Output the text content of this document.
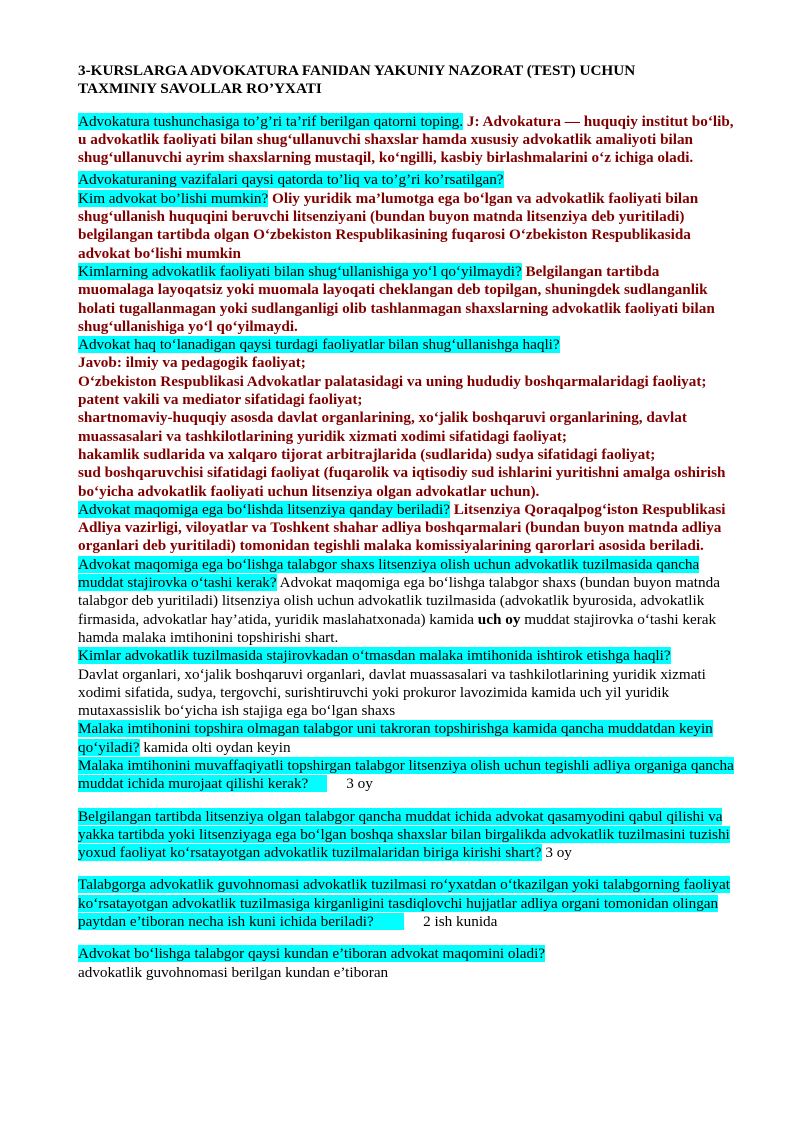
3-KURSLARGA ADVOKATURA FANIDAN YAKUNIY NAZORAT (TEST) UCHUN
TAXMINIY SAVOLLAR RO’YXATI

Advokatura tushunchasiga to’g’ri ta’rif berilgan qatorni toping. J: Advokatura — huquqiy institut bo‘lib, u advokatlik faoliyati bilan shug‘ullanuvchi shaxslar hamda xususiy advokatlik amaliyoti bilan shug‘ullanuvchi ayrim shaxslarning mustaqil, ko‘ngilli, kasbiy birlashmalarini o‘z ichiga oladi.

Advokaturaning vazifalari qaysi qatorda to’liq va to’g’ri ko’rsatilgan?

Kim advokat bo’lishi mumkin? Oliy yuridik ma’lumotga ega bo‘lgan va advokatlik faoliyati bilan shug‘ullanish huquqini beruvchi litsenziyani (bundan buyon matnda litsenziya deb yuritiladi) belgilangan tartibda olgan O‘zbekiston Respublikasining fuqarosi O‘zbekiston Respublikasida advokat bo‘lishi mumkin

Kimlarning advokatlik faoliyati bilan shug‘ullanishiga yo‘l qo‘yilmaydi? Belgilangan tartibda muomalaga layoqatsiz yoki muomala layoqati cheklangan deb topilgan, shuningdek sudlanganlik holati tugallanmagan yoki sudlanganligi olib tashlanmagan shaxslarning advokatlik faoliyati bilan shug‘ullanishiga yo‘l qo‘yilmaydi.

Advokat haq to‘lanadigan qaysi turdagi faoliyatlar bilan shug‘ullanishga haqli?

Javob: ilmiy va pedagogik faoliyat;

O‘zbekiston Respublikasi Advokatlar palatasidagi va uning hududiy boshqarmalaridagi faoliyat;

patent vakili va mediator sifatidagi faoliyat;

shartnomaviy-huquqiy asosda davlat organlarining, xo‘jalik boshqaruvi organlarining, davlat muassasalari va tashkilotlarining yuridik xizmati xodimi sifatidagi faoliyat;

hakamlik sudlarida va xalqaro tijorat arbitrajlarida (sudlarida) sudya sifatidagi faoliyat;

sud boshqaruvchisi sifatidagi faoliyat (fuqarolik va iqtisodiy sud ishlarini yuritishni amalga oshirish bo‘yicha advokatlik faoliyati uchun litsenziya olgan advokatlar uchun).

Advokat maqomiga ega bo‘lishda litsenziya qanday beriladi? Litsenziya Qoraqalpog‘iston Respublikasi Adliya vazirligi, viloyatlar va Toshkent shahar adliya boshqarmalari (bundan buyon matnda adliya organlari deb yuritiladi) tomonidan tegishli malaka komissiyalarining qarorlari asosida beriladi.

Advokat maqomiga ega bo‘lishga talabgor shaxs litsenziya olish uchun advokatlik tuzilmasida qancha muddat stajirovka o‘tashi kerak? Advokat maqomiga ega bo‘lishga talabgor shaxs (bundan buyon matnda talabgor deb yuritiladi) litsenziya olish uchun advokatlik tuzilmasida (advokatlik byurosida, advokatlik firmasida, advokatlar hay’atida, yuridik maslahatxonada) kamida uch oy muddat stajirovka o‘tashi kerak hamda malaka imtihonini topshirishi shart.

Kimlar advokatlik tuzilmasida stajirovkadan o‘tmasdan malaka imtihonida ishtirok etishga haqli?

Davlat organlari, xo‘jalik boshqaruvi organlari, davlat muassasalari va tashkilotlarining yuridik xizmati xodimi sifatida, sudya, tergovchi, surishtiruvchi yoki prokuror lavozimida kamida uch yil yuridik mutaxassislik bo‘yicha ish stajiga ega bo‘lgan shaxs

Malaka imtihonini topshira olmagan talabgor uni takroran topshirishga kamida qancha muddatdan keyin qo‘yiladi? kamida olti oydan keyin

Malaka imtihonini muvaffaqiyatli topshirgan talabgor litsenziya olish uchun tegishli adliya organiga qancha muddat ichida murojaat qilishi kerak?          3 oy

Belgilangan tartibda litsenziya olgan talabgor qancha muddat ichida advokat qasamyodini qabul qilishi va yakka tartibda yoki litsenziyaga ega bo‘lgan boshqa shaxslar bilan birgalikda advokatlik tuzilmasini tuzishi yoxud faoliyat ko‘rsatayotgan advokatlik tuzilmalaridan biriga kirishi shart? 3 oy

Talabgorga advokatlik guvohnomasi advokatlik tuzilmasi ro‘yxatdan o‘tkazilgan yoki talabgorning faoliyat ko‘rsatayotgan advokatlik tuzilmasiga kirganligini tasdiqlovchi hujjatlar adliya organi tomonidan olingan paytdan e’tiboran necha ish kuni ichida beriladi?             2 ish kunida

Advokat bo‘lishga talabgor qaysi kundan e’tiboran advokat maqomini oladi?

advokatlik guvohnomasi berilgan kundan e’tiboran
